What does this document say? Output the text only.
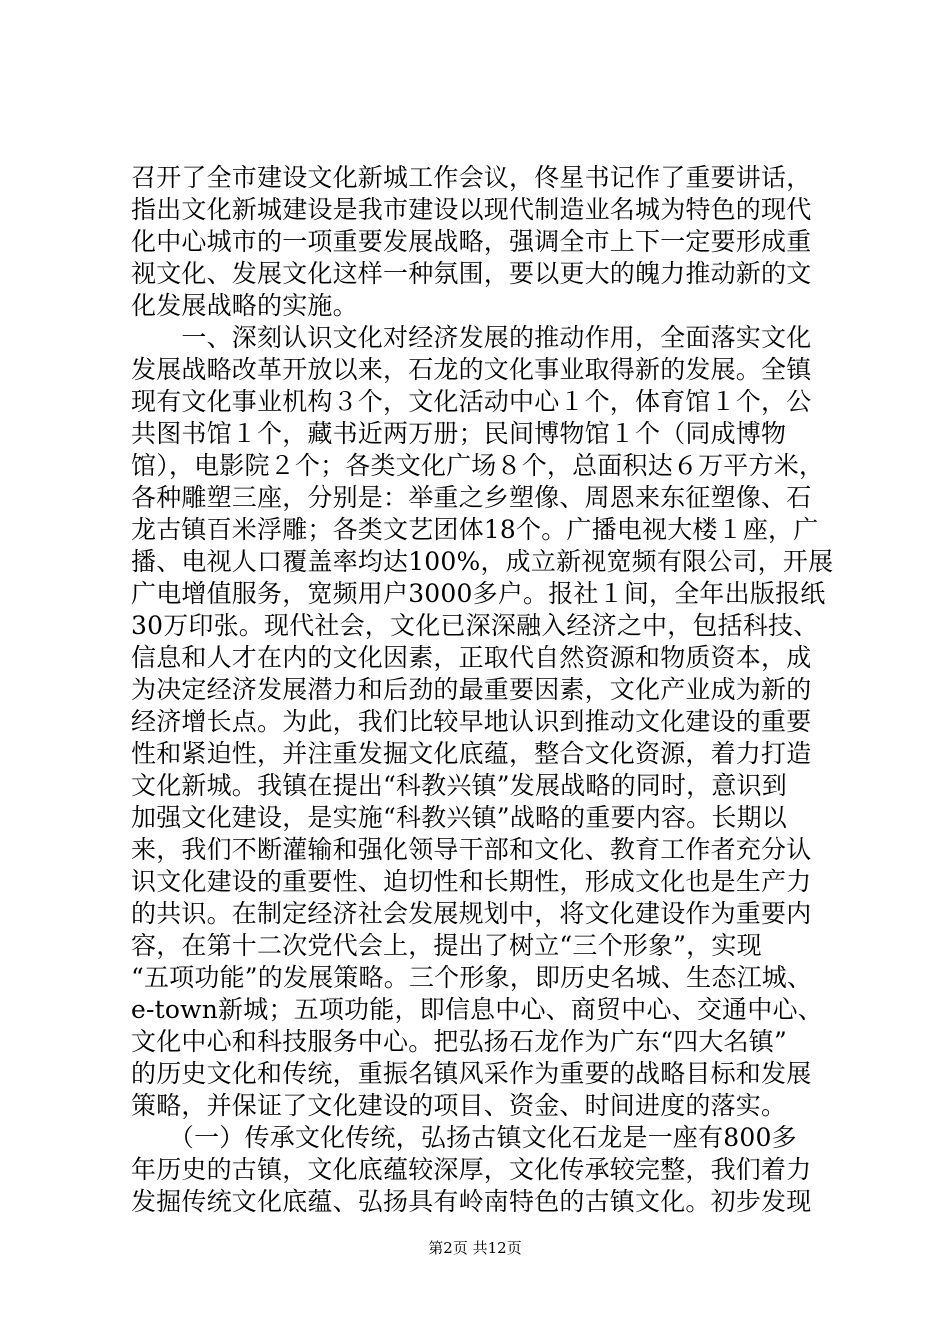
召开了全市建设文化新城工作会议，佟星书记作了重要讲话，
指出文化新城建设是我市建设以现代制造业名城为特色的现代
化中心城市的一项重要发展战略，强调全市上下一定要形成重
视文化、发展文化这样一种氛围，要以更大的魄力推动新的文
化发展战略的实施。
　　一、深刻认识文化对经济发展的推动作用，全面落实文化
发展战略改革开放以来，石龙的文化事业取得新的发展。全镇
现有文化事业机构３个，文化活动中心１个，体育馆１个，公
共图书馆１个，藏书近两万册；民间博物馆１个（同成博物
馆），电影院２个；各类文化广场８个，总面积达６万平方米，
各种雕塑三座，分别是：举重之乡塑像、周恩来东征塑像、石
龙古镇百米浮雕；各类文艺团体18个。广播电视大楼１座，广
播、电视人口覆盖率均达100%，成立新视宽频有限公司，开展
广电增值服务，宽频用户3000多户。报社１间，全年出版报纸
30万印张。现代社会，文化已深深融入经济之中，包括科技、
信息和人才在内的文化因素，正取代自然资源和物质资本，成
为决定经济发展潜力和后劲的最重要因素，文化产业成为新的
经济增长点。为此，我们比较早地认识到推动文化建设的重要
性和紧迫性，并注重发掘文化底蕴，整合文化资源，着力打造
文化新城。我镇在提出“科教兴镇”发展战略的同时，意识到
加强文化建设，是实施“科教兴镇”战略的重要内容。长期以
来，我们不断灌输和强化领导干部和文化、教育工作者充分认
识文化建设的重要性、迫切性和长期性，形成文化也是生产力
的共识。在制定经济社会发展规划中，将文化建设作为重要内
容，在第十二次党代会上，提出了树立“三个形象”，实现
“五项功能”的发展策略。三个形象，即历史名城、生态江城、
e-town新城；五项功能，即信息中心、商贸中心、交通中心、
文化中心和科技服务中心。把弘扬石龙作为广东“四大名镇”
的历史文化和传统，重振名镇风采作为重要的战略目标和发展
策略，并保证了文化建设的项目、资金、时间进度的落实。
　　（一）传承文化传统，弘扬古镇文化石龙是一座有800多
年历史的古镇，文化底蕴较深厚，文化传承较完整，我们着力
发掘传统文化底蕴、弘扬具有岭南特色的古镇文化。初步发现
第2页 共12页
